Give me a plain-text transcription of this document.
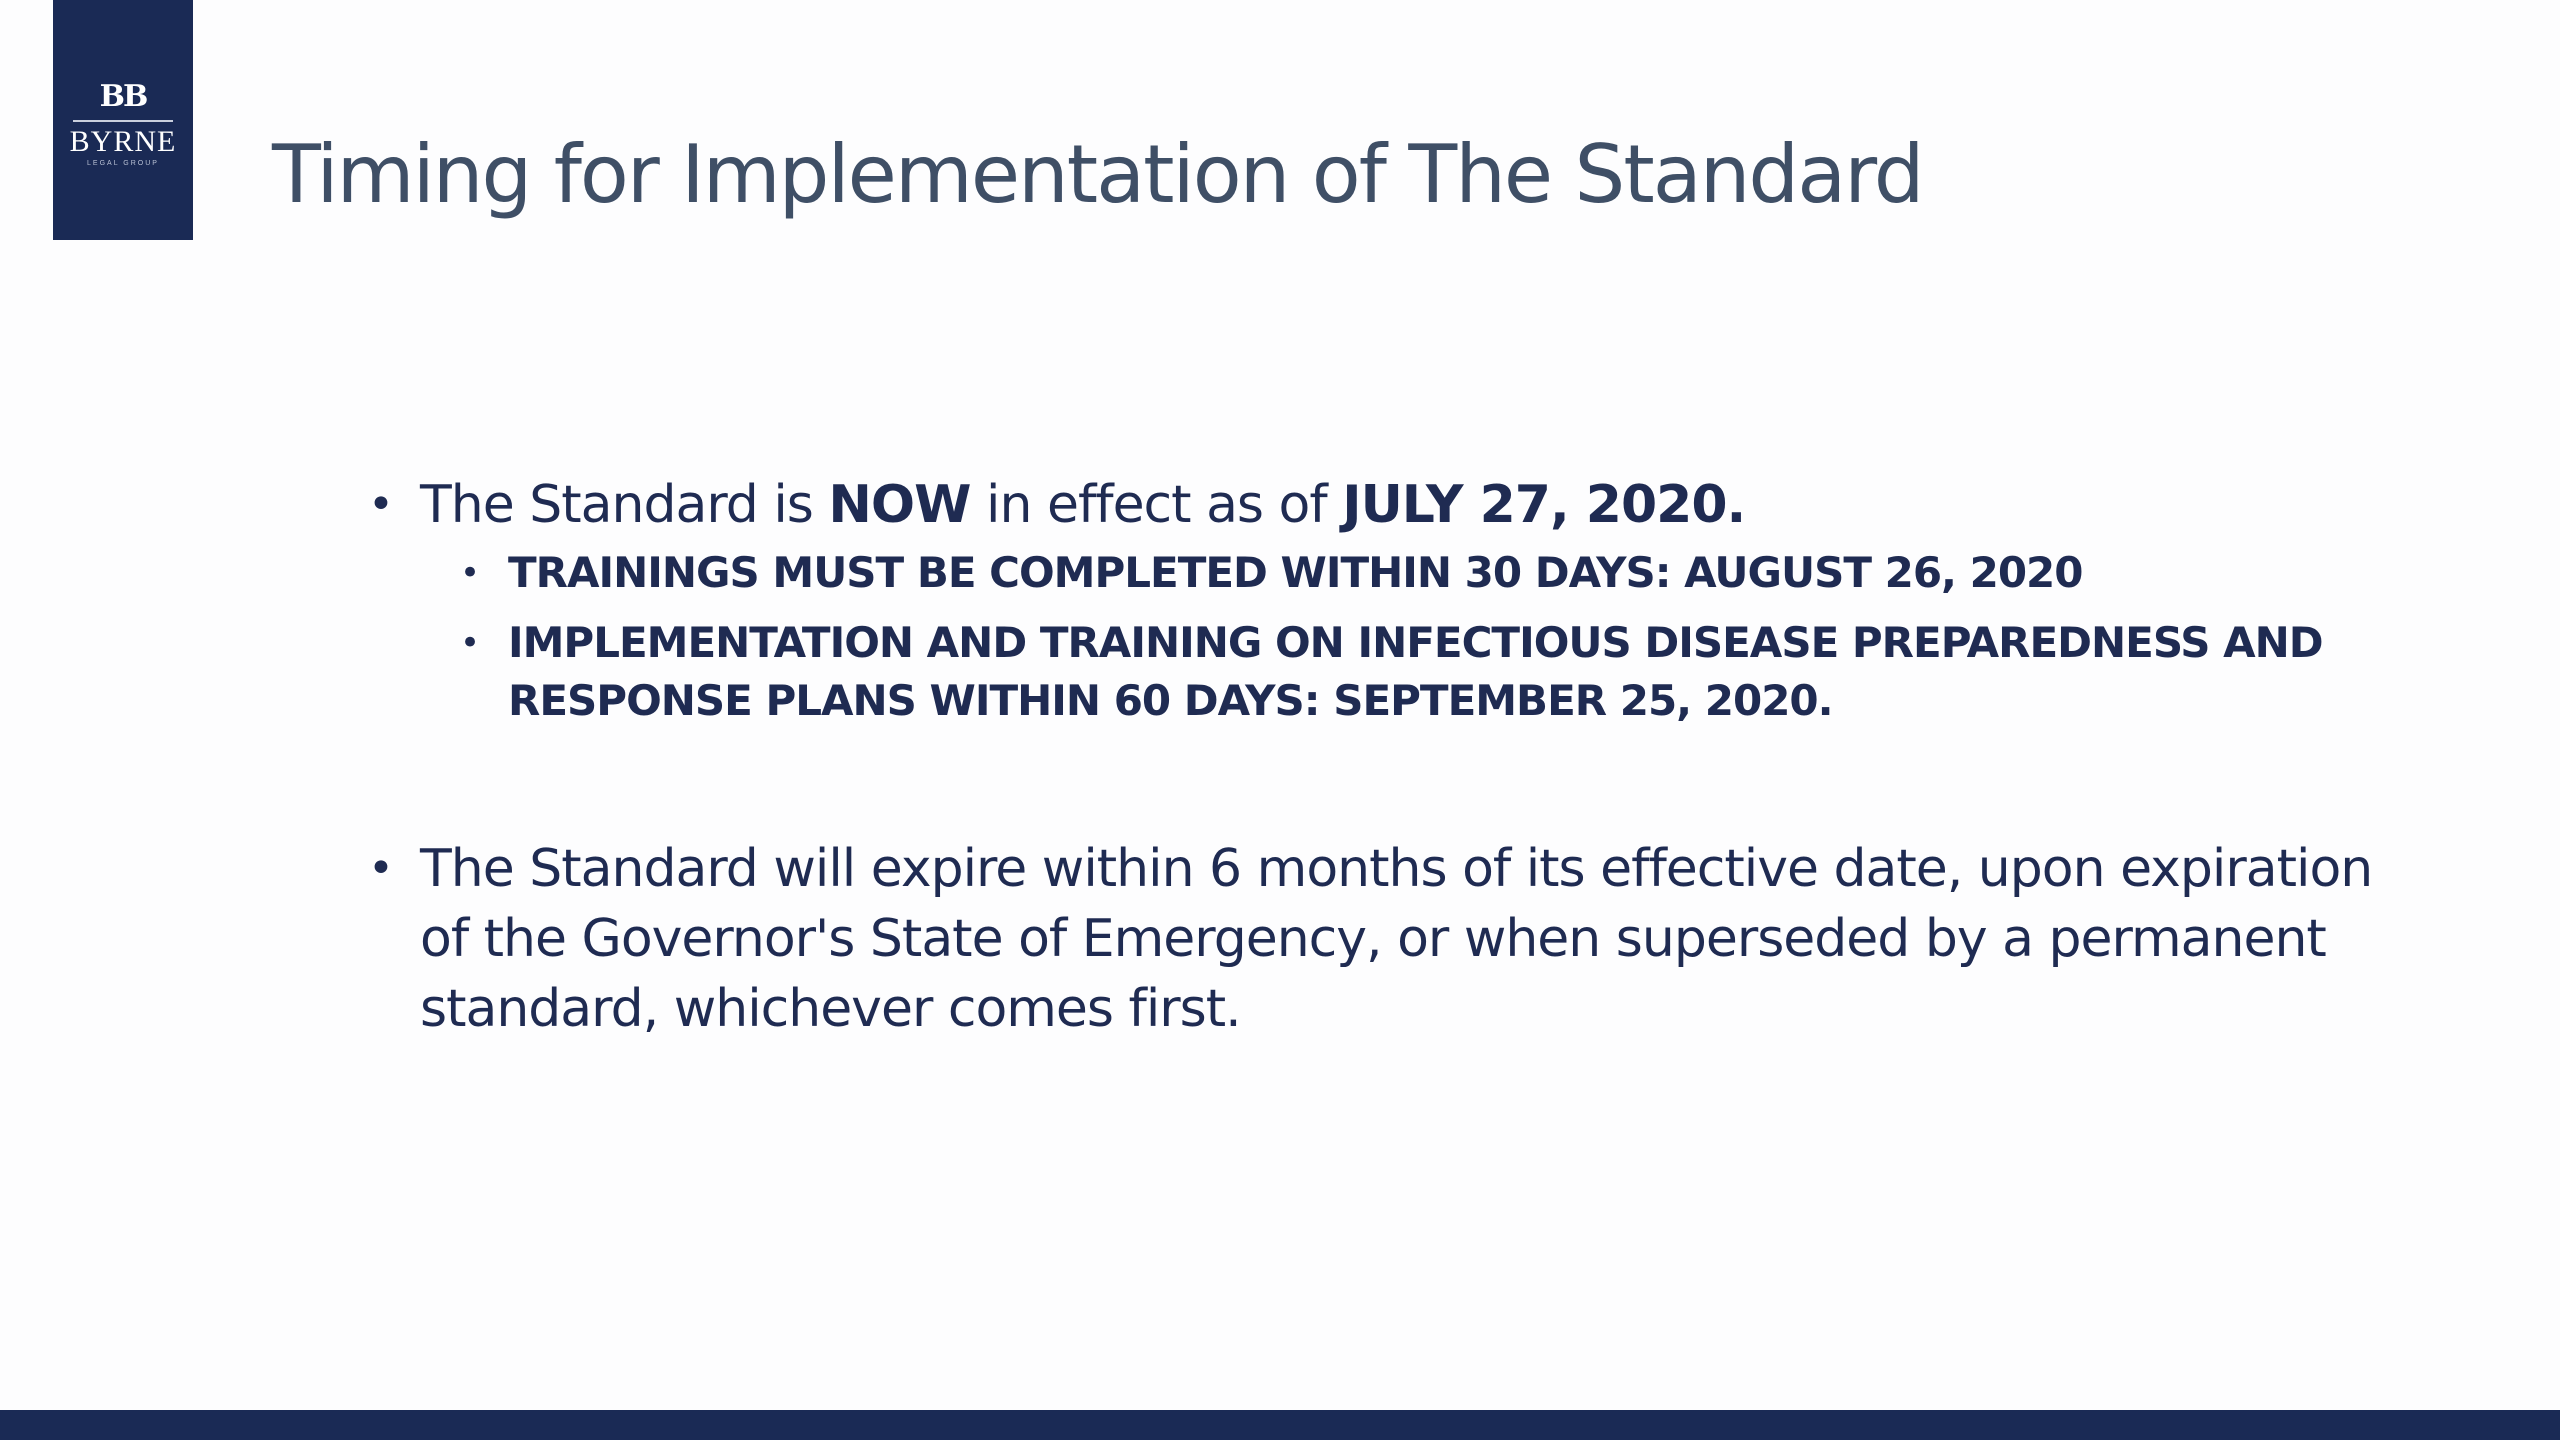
BB
BYRNE
LEGAL GROUP Timing for Implementation of The Standard
• The Standard is NOW in effect as of JULY 27, 2020.
• TRAININGS MUST BE COMPLETED WITHIN 30 DAYS: AUGUST 26, 2020
• IMPLEMENTATION AND TRAINING ON INFECTIOUS DISEASE PREPAREDNESS AND RESPONSE PLANS WITHIN 60 DAYS: SEPTEMBER 25, 2020.
• The Standard will expire within 6 months of its effective date, upon expiration of the Governor's State of Emergency, or when superseded by a permanent standard, whichever comes first.
